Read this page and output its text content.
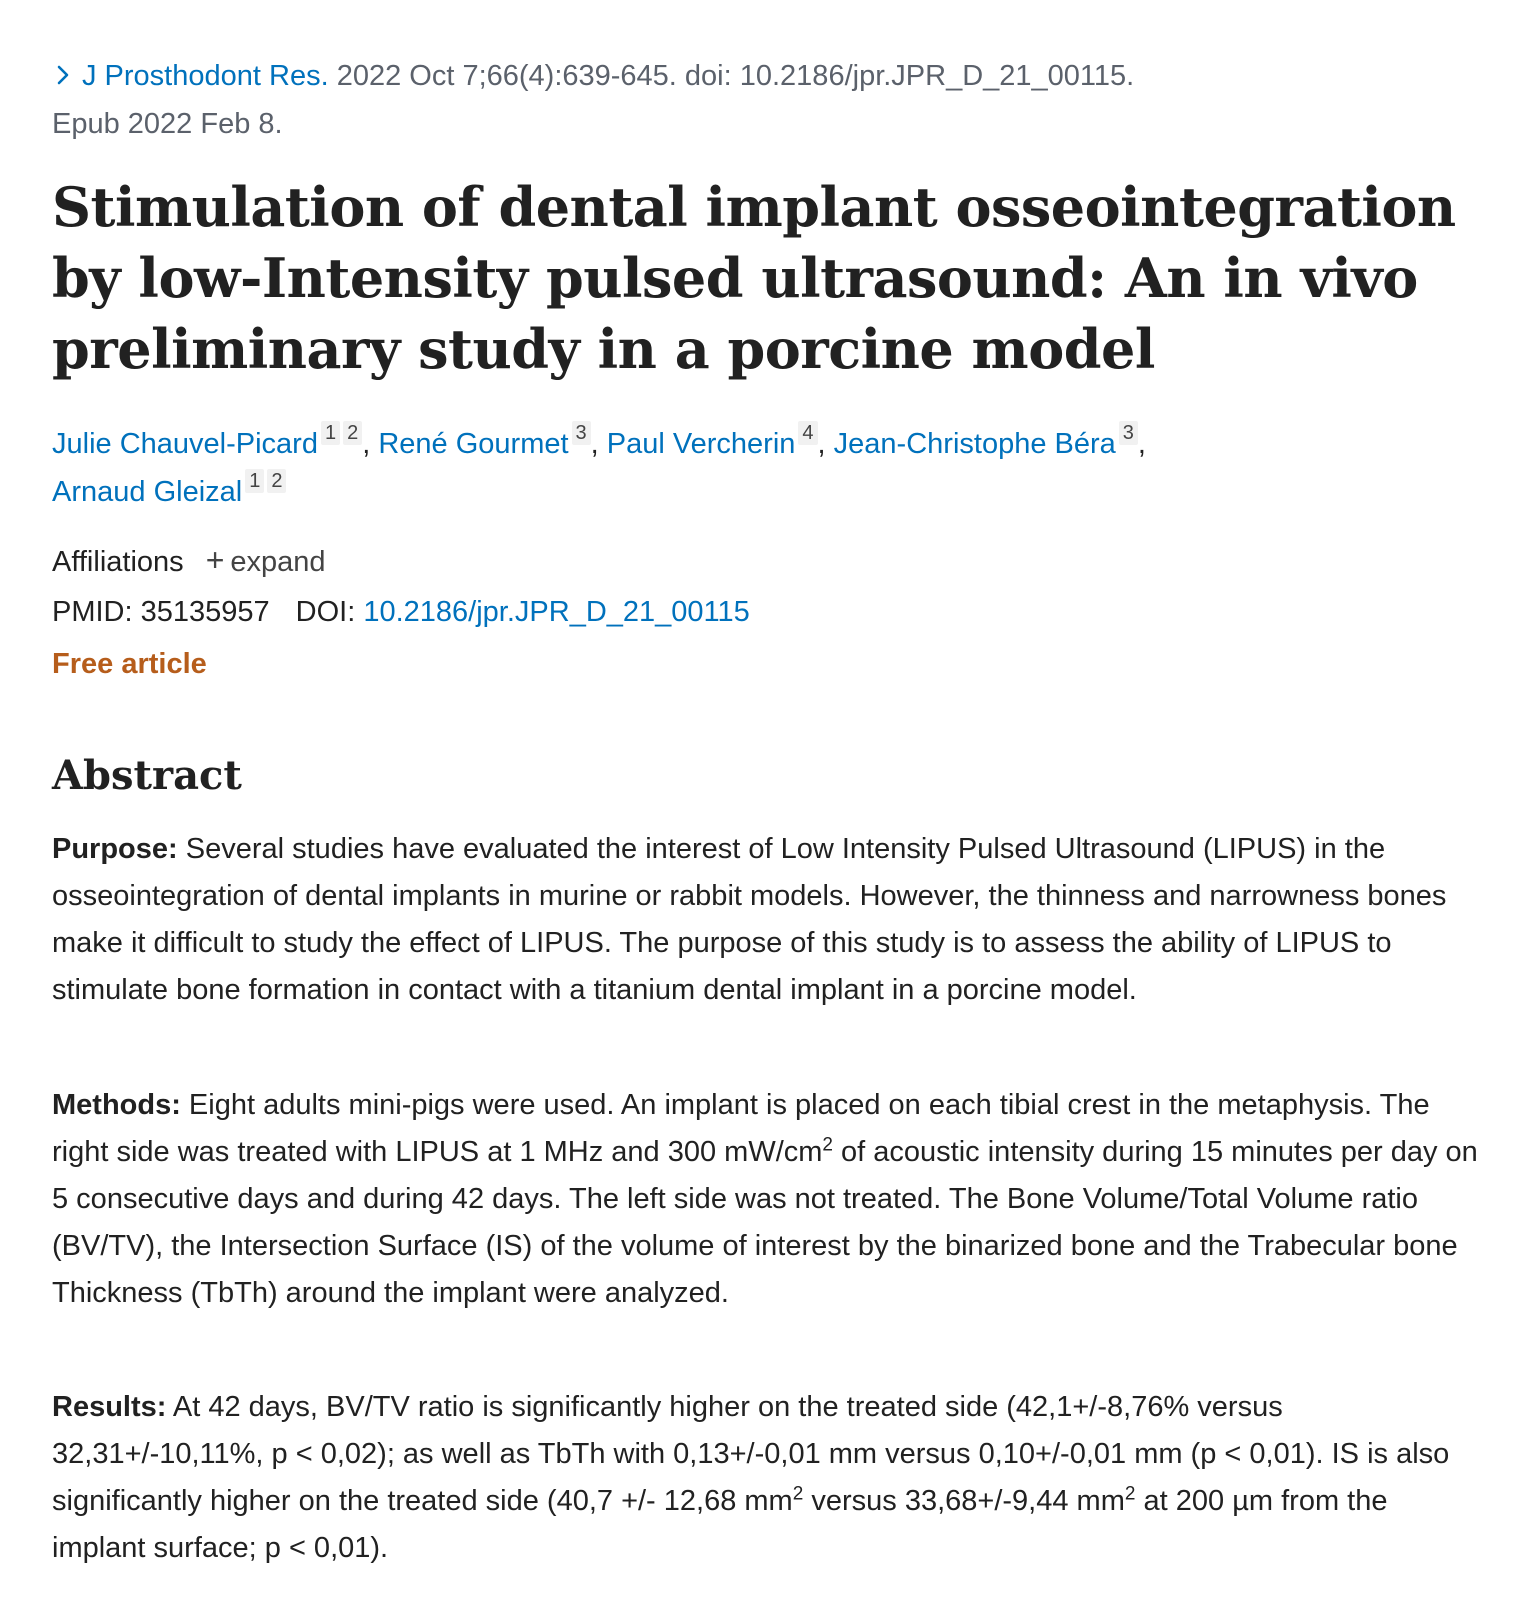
J Prosthodont Res. 2022 Oct 7;66(4):639-645. doi: 10.2186/jpr.JPR_D_21_00115.
Epub 2022 Feb 8.
Stimulation of dental implant osseointegration by low-Intensity pulsed ultrasound: An in vivo preliminary study in a porcine model
Julie Chauvel-Picard $^1$ $^2$ , René Gourmet $^3$ , Paul Vercherin $^4$ , Jean-Christophe Béra $^3$ ,
Arnaud Gleizal $^1$ $^2$
Affiliations + expand
PMID: 35135957 DOI: 10.2186/jpr.JPR_D_21_00115
Free article
Abstract

Purpose: Several studies have evaluated the interest of Low Intensity Pulsed Ultrasound (LIPUS) in the osseointegration of dental implants in murine or rabbit models. However, the thinness and narrowness bones make it difficult to study the effect of LIPUS. The purpose of this study is to assess the ability of LIPUS to stimulate bone formation in contact with a titanium dental implant in a porcine model.

Methods: Eight adults mini-pigs were used. An implant is placed on each tibial crest in the metaphysis. The right side was treated with LIPUS at 1 MHz and 300 $mW/cm^2$ of acoustic intensity during 15 minutes per day on 5 consecutive days and during 42 days. The left side was not treated. The Bone Volume/Total Volume ratio (BV/TV), the Intersection Surface (IS) of the volume of interest by the binarized bone and the Trabecular bone Thickness (TbTh) around the implant were analyzed.

Results: At 42 days, BV/TV ratio is significantly higher on the treated side (42,1+/-8,76% versus 32,31+/-10,11%, p < 0,02); as well as TbTh with 0,13+/-0,01 mm versus 0,10+/-0,01 mm (p < 0,01). IS is also significantly higher on the treated side (40,7 +/- 12,68 $mm^2$ versus 33,68+/-9,44 $mm^2$ at 200 µm from the implant surface; p < 0,01).
